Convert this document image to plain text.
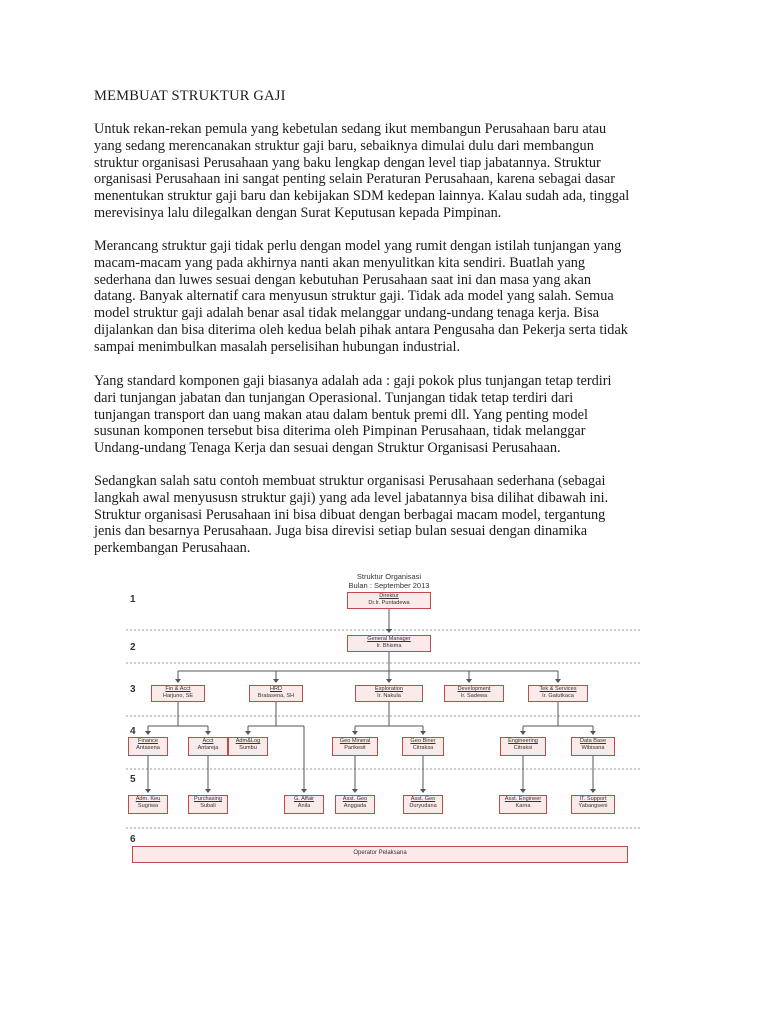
MEMBUAT STRUKTUR GAJI

Untuk rekan-rekan pemula yang kebetulan sedang ikut membangun Perusahaan baru atau
yang sedang merencanakan struktur gaji baru, sebaiknya dimulai dulu dari membangun
struktur organisasi Perusahaan yang baku lengkap dengan level tiap jabatannya. Struktur
organisasi Perusahaan ini sangat penting selain Peraturan Perusahaan, karena sebagai dasar
menentukan struktur gaji baru dan kebijakan SDM kedepan lainnya. Kalau sudah ada, tinggal
merevisinya lalu dilegalkan dengan Surat Keputusan kepada Pimpinan.

Merancang struktur gaji tidak perlu dengan model yang rumit dengan istilah tunjangan yang
macam-macam yang pada akhirnya nanti akan menyulitkan kita sendiri. Buatlah yang
sederhana dan luwes sesuai dengan kebutuhan Perusahaan saat ini dan masa yang akan
datang. Banyak alternatif cara menyusun struktur gaji. Tidak ada model yang salah. Semua
model struktur gaji adalah benar asal tidak melanggar undang-undang tenaga kerja. Bisa
dijalankan dan bisa diterima oleh kedua belah pihak antara Pengusaha dan Pekerja serta tidak
sampai menimbulkan masalah perselisihan hubungan industrial.

Yang standard komponen gaji biasanya adalah ada : gaji pokok plus tunjangan tetap terdiri
dari tunjangan jabatan dan tunjangan Operasional. Tunjangan tidak tetap terdiri dari
tunjangan transport dan uang makan atau dalam bentuk premi dll. Yang penting model
susunan komponen tersebut bisa diterima oleh Pimpinan Perusahaan, tidak melanggar
Undang-undang Tenaga Kerja dan sesuai dengan Struktur Organisasi Perusahaan.

Sedangkan salah satu contoh membuat struktur organisasi Perusahaan sederhana (sebagai
langkah awal menyususn struktur gaji) yang ada level jabatannya bisa dilihat dibawah ini.
Struktur organisasi Perusahaan ini bisa dibuat dengan berbagai macam model, tergantung
jenis dan besarnya Perusahaan. Juga bisa direvisi setiap bulan sesuai dengan dinamika
perkembangan Perusahaan.

Struktur Organisasi
Bulan : September 2013
1
2
3
4
5
6
Direktur
Dr.Ir. Puntadewa
General Manager
Ir. Bhisma
Fin & Acct
Harjuno, SE
HRD
Bratasena, SH
Exploration
Ir. Nakula
Development
Ir. Sadewa
Tek & Services
Ir. Gatutkaca
Finance
Antasena
Acct
Antareja
Adm&Log
Sumbu
Geo Mineral
Parikesit
Geo Biner
Citraksa
Engineering
Citraksi
Data Base
Wibisana
Adm. Keu
Sugriwa
Purchasing
Subali
G. Affair
Anila
Asst. Geo
Anggada
Asst. Geo
Duryudana
Asst. Engineer
Karna
IT. Support
Yabangseni
Operator Pelaksana
